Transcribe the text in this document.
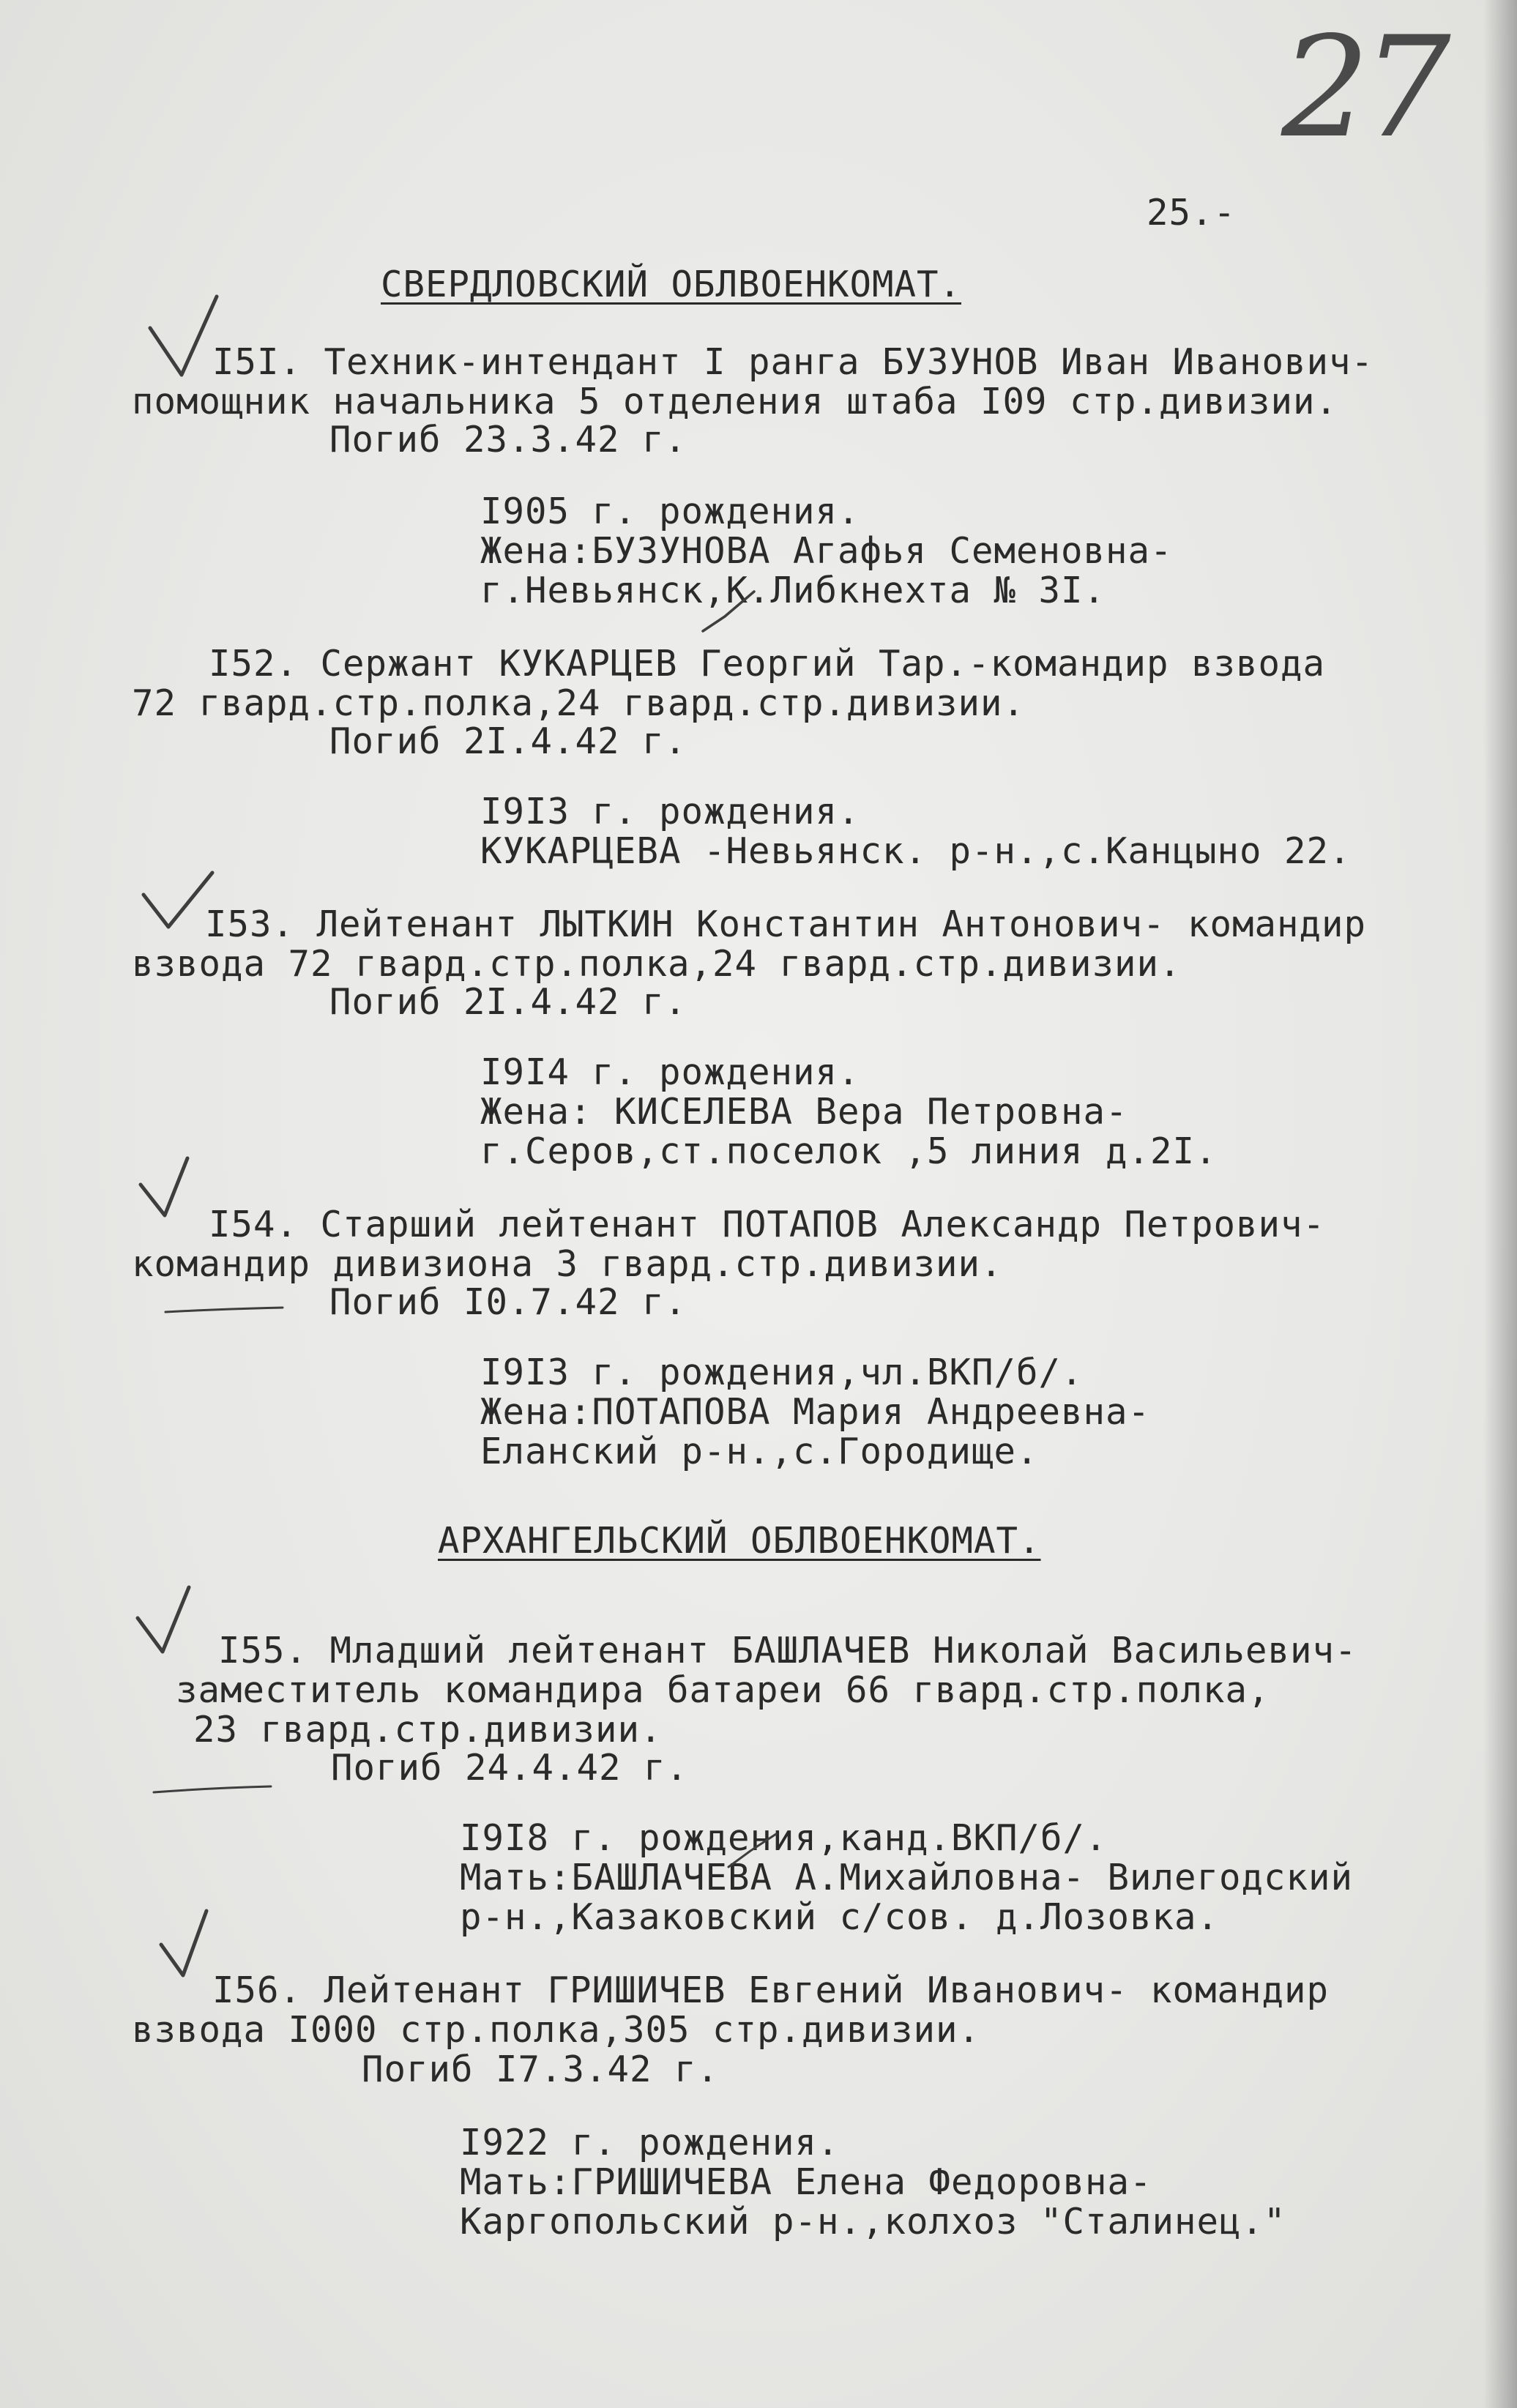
27
25.-
СВЕРДЛОВСКИЙ ОБЛВОЕНКОМАТ.
I5I. Техник-интендант I ранга БУЗУНОВ Иван Иванович-
помощник начальника 5 отделения штаба I09 стр.дивизии.
Погиб 23.3.42 г.
I905 г. рождения.
Жена:БУЗУНОВА Агафья Семеновна-
г.Невьянск,К.Либкнехта № 3I.
I52. Сержант КУКАРЦЕВ Георгий Тар.-командир взвода
72 гвард.стр.полка,24 гвард.стр.дивизии.
Погиб 2I.4.42 г.
I9I3 г. рождения.
КУКАРЦЕВА -Невьянск. р-н.,с.Канцыно 22.
I53. Лейтенант ЛЫТКИН Константин Антонович- командир
взвода 72 гвард.стр.полка,24 гвард.стр.дивизии.
Погиб 2I.4.42 г.
I9I4 г. рождения.
Жена: КИСЕЛЕВА Вера Петровна-
г.Серов,ст.поселок ,5 линия д.2I.
I54. Старший лейтенант ПОТАПОВ Александр Петрович-
командир дивизиона 3 гвард.стр.дивизии.
Погиб I0.7.42 г.
I9I3 г. рождения,чл.ВКП/б/.
Жена:ПОТАПОВА Мария Андреевна-
Еланский р-н.,с.Городище.
АРХАНГЕЛЬСКИЙ ОБЛВОЕНКОМАТ.
I55. Младший лейтенант БАШЛАЧЕВ Николай Васильевич-
заместитель командира батареи 66 гвард.стр.полка,
23 гвард.стр.дивизии.
Погиб 24.4.42 г.
I9I8 г. рождения,канд.ВКП/б/.
Мать:БАШЛАЧЕВА А.Михайловна- Вилегодский
р-н.,Казаковский с/сов. д.Лозовка.
I56. Лейтенант ГРИШИЧЕВ Евгений Иванович- командир
взвода I000 стр.полка,305 стр.дивизии.
Погиб I7.3.42 г.
I922 г. рождения.
Мать:ГРИШИЧЕВА Елена Федоровна-
Каргопольский р-н.,колхоз "Сталинец."
